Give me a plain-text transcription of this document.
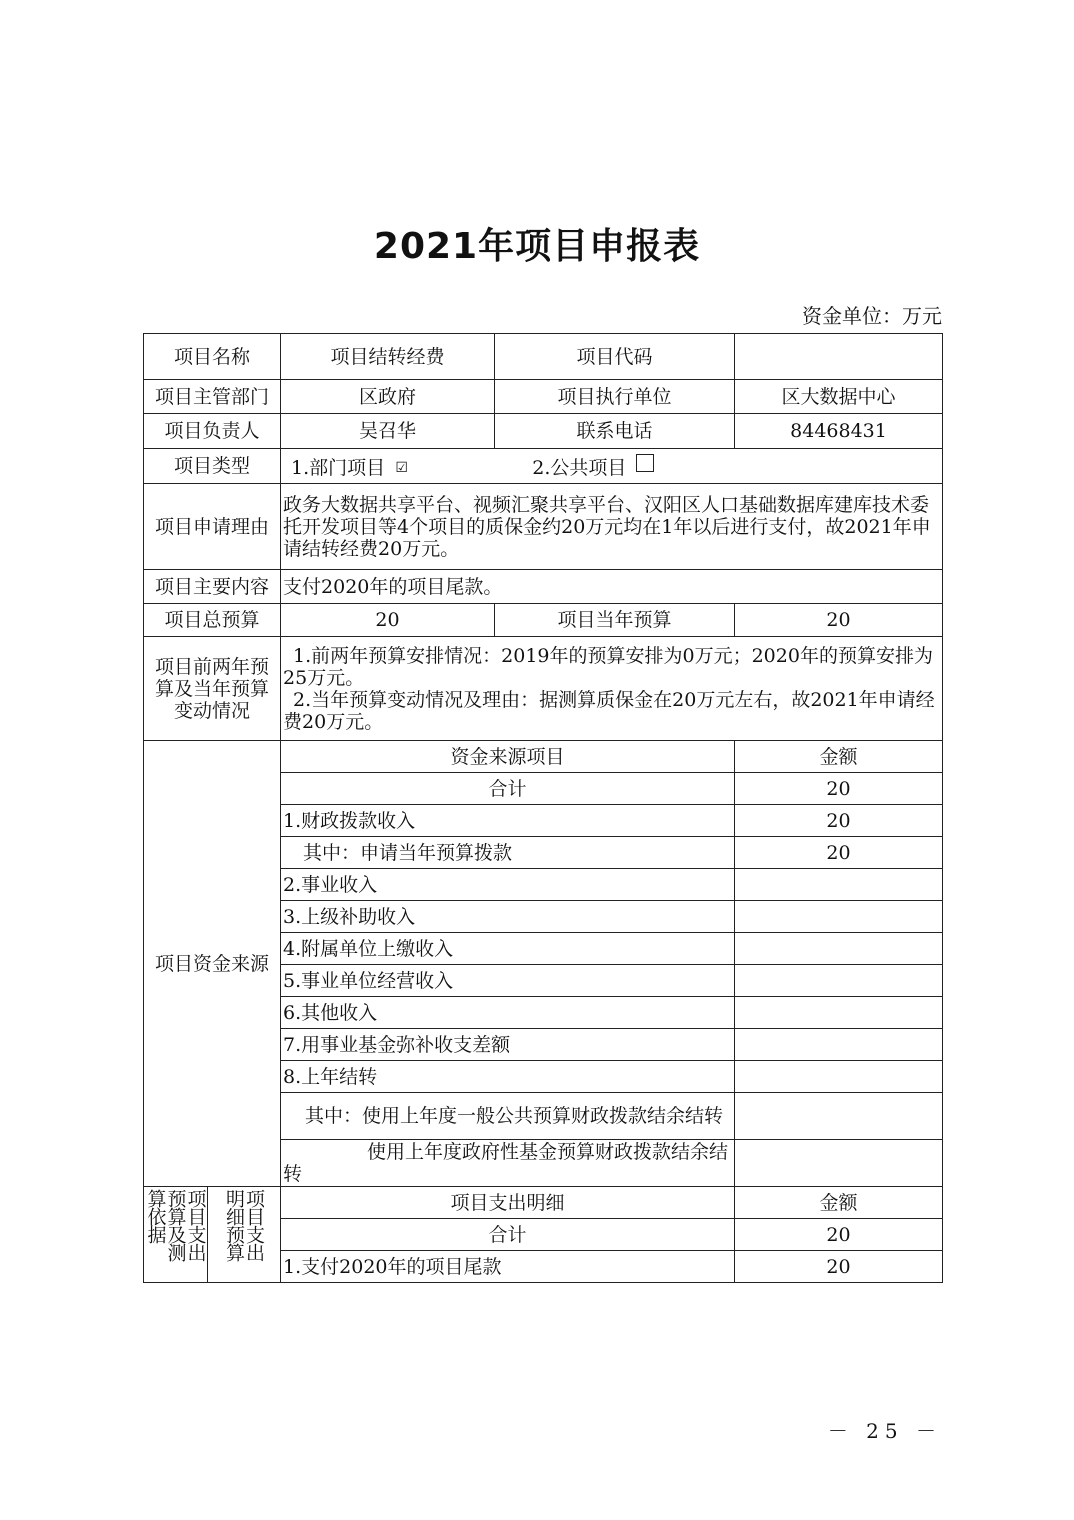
2021年项目申报表
资金单位：万元
项目名称		项目结转经费	项目代码	
项目主管部门		区政府	项目执行单位	区大数据中心
项目负责人		吴召华	联系电话	84468431
项目类型		1.部门项目 ☑ 2.公共项目		
项目申请理由		政务大数据共享平台、视频汇聚共享平台、汉阳区人口基础数据库建库技术委托开发项目等4个项目的质保金约20万元均在1年以后进行支付，故2021年申请结转经费20万元。		
项目主要内容		支付2020年的项目尾款。		
项目总预算		20	项目当年预算	20
项目前两年预算及当年预算变动情况		1.前两年预算安排情况：2019年的预算安排为0万元；2020年的预算安排为25万元。
2.当年预算变动情况及理由：据测算质保金在20万元左右，故2021年申请经费20万元。		

项目资金来源		资金来源项目		金额
		合计		20
		1.财政拨款收入		20
		其中：申请当年预算拨款		20
		2.事业收入		
		3.上级补助收入		
		4.附属单位上缴收入		
		5.事业单位经营收入		
		6.其他收入		
		7.用事业基金弥补收支差额		
		8.上年结转		
		其中：使用上年度一般公共预算财政拨款结余结转		
		使用上年度政府性基金预算财政拨款结余结转		

项目支出预算及测算依据	项目支出明细预算	项目支出明细		金额
		合计		20
		1.支付2020年的项目尾款		20
－ 25 －
